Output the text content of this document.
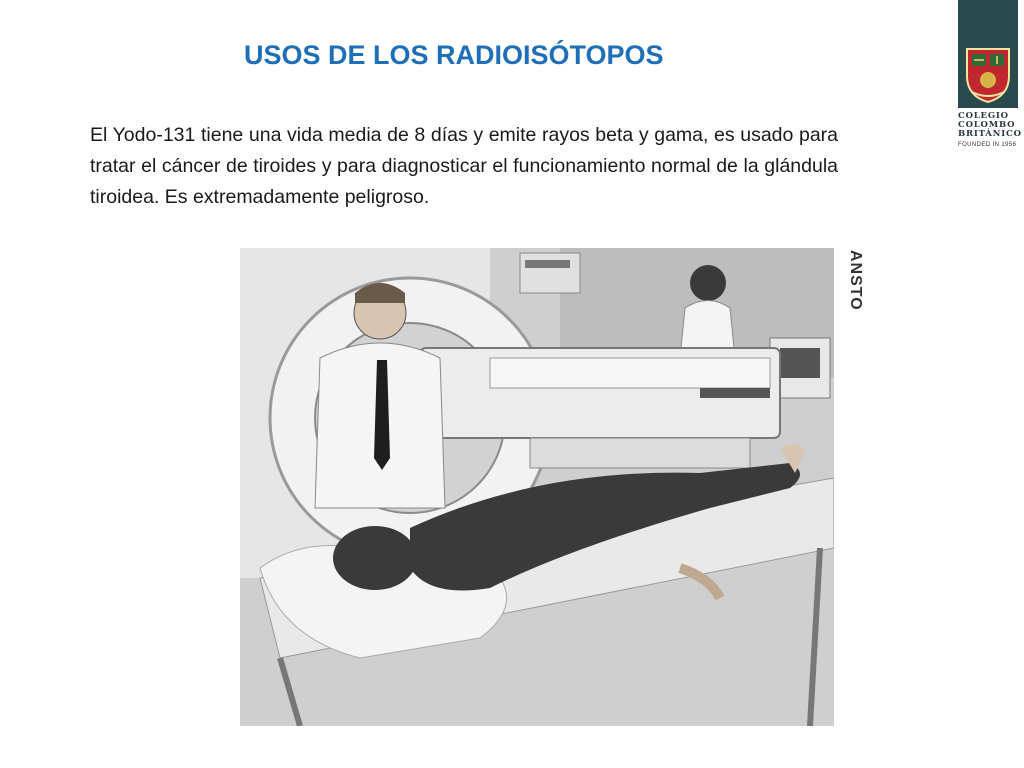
USOS DE LOS RADIOISÓTOPOS

El Yodo-131 tiene una vida media de 8 días y emite rayos beta y gama, es usado para tratar el cáncer de tiroides y para diagnosticar el funcionamiento normal de la glándula tiroidea. Es extremadamente peligroso.

COLEGIO
COLOMBO
BRITÁNICO
FOUNDED IN 1956
ANSTO
